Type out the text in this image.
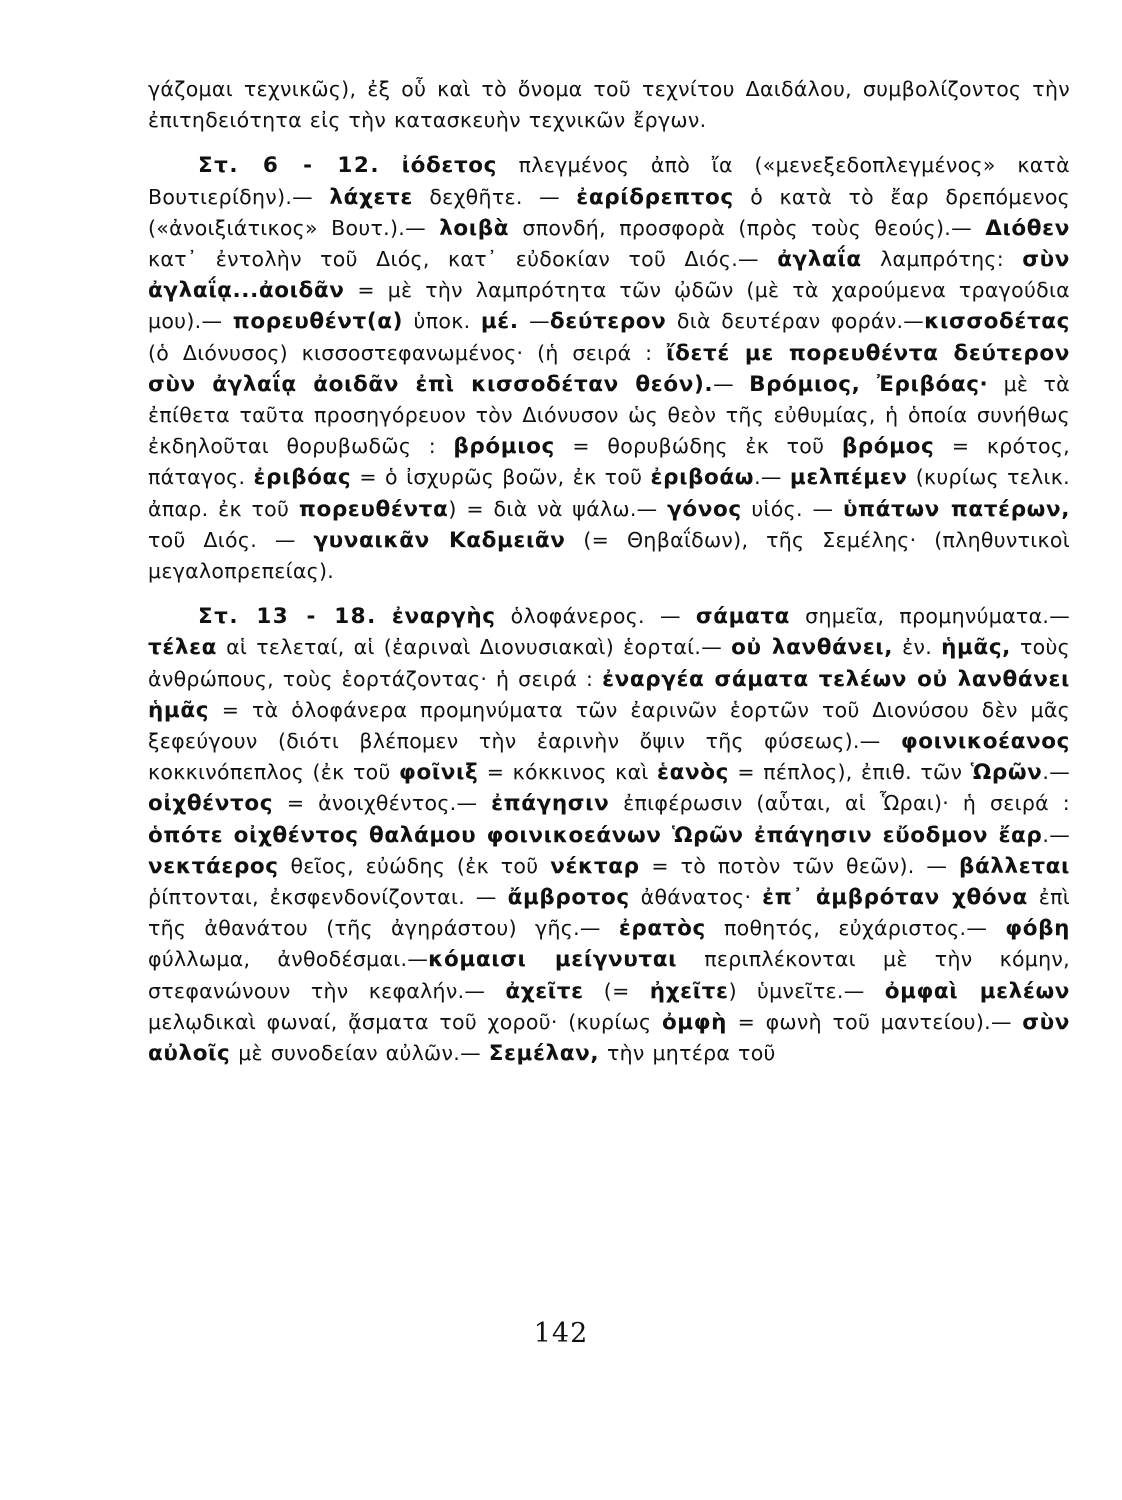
γάζομαι τεχνικῶς), ἐξ οὗ καὶ τὸ ὄνομα τοῦ τεχνίτου Δαιδάλου, συμβολίζοντος τὴν ἐπιτηδειότητα εἰς τὴν κατασκευὴν τεχνικῶν ἔργων.

Στ. 6 - 12. ἰόδετος πλεγμένος ἀπὸ ἴα («μενεξεδοπλεγμένος» κατὰ Βουτιερίδην).— λάχετε δεχθῆτε. — ἐαρίδρεπτος ὁ κατὰ τὸ ἔαρ δρεπόμενος («ἀνοιξιάτικος» Βουτ.).— λοιβὰ σπονδή, προσφορὰ (πρὸς τοὺς θεούς).— Διόθεν κατ᾽ ἐντολὴν τοῦ Διός, κατ᾽ εὐδοκίαν τοῦ Διός.— ἀγλαΐα λαμπρότης: σὺν ἀγλαΐᾳ...ἀοιδᾶν = μὲ τὴν λαμπρότητα τῶν ᾠδῶν (μὲ τὰ χαρούμενα τραγούδια μου).— πορευθέντ(α) ὑποκ. μέ. —δεύτερον διὰ δευτέραν φοράν.—κισσοδέτας (ὁ Διόνυσος) κισσοστεφανωμένος· (ἡ σειρά : ἴδετέ με πορευθέντα δεύτερον σὺν ἀγλαΐᾳ ἀοιδᾶν ἐπὶ κισσοδέταν θεόν).— Βρόμιος, Ἐριβόας· μὲ τὰ ἐπίθετα ταῦτα προσηγόρευον τὸν Διόνυσον ὡς θεὸν τῆς εὐθυμίας, ἡ ὁποία συνήθως ἐκδηλοῦται θορυβωδῶς : βρόμιος = θορυβώδης ἐκ τοῦ βρόμος = κρότος, πάταγος. ἐριβόας = ὁ ἰσχυρῶς βοῶν, ἐκ τοῦ ἐριβοάω.— μελπέμεν (κυρίως τελικ. ἀπαρ. ἐκ τοῦ πορευθέντα) = διὰ νὰ ψάλω.— γόνος υἱός. — ὑπάτων πατέρων, τοῦ Διός. — γυναικᾶν Καδμειᾶν (= Θηβαΐδων), τῆς Σεμέλης· (πληθυντικοὶ μεγαλοπρεπείας).

Στ. 13 - 18. ἐναργὴς ὁλοφάνερος. — σάματα σημεῖα, προμηνύματα.— τέλεα αἱ τελεταί, αἱ (ἐαριναὶ Διονυσιακαὶ) ἑορταί.— οὐ λανθάνει, ἐν. ἡμᾶς, τοὺς ἀνθρώπους, τοὺς ἑορτάζοντας· ἡ σειρά : ἐναργέα σάματα τελέων οὐ λανθάνει ἡμᾶς = τὰ ὁλοφάνερα προμηνύματα τῶν ἐαρινῶν ἑορτῶν τοῦ Διονύσου δὲν μᾶς ξεφεύγουν (διότι βλέπομεν τὴν ἐαρινὴν ὄψιν τῆς φύσεως).— φοινικοέανος κοκκινόπεπλος (ἐκ τοῦ φοῖνιξ = κόκκινος καὶ ἑανὸς = πέπλος), ἐπιθ. τῶν Ὡρῶν.— οἰχθέντος = ἀνοιχθέντος.— ἐπάγησιν ἐπιφέρωσιν (αὗται, αἱ Ὧραι)· ἡ σειρά : ὁπότε οἰχθέντος θαλάμου φοινικοεάνων Ὡρῶν ἐπάγησιν εὔοδμον ἔαρ.— νεκτάερος θεῖος, εὐώδης (ἐκ τοῦ νέκταρ = τὸ ποτὸν τῶν θεῶν). — βάλλεται ῥίπτονται, ἐκσφενδονίζονται. — ἄμβροτος ἀθάνατος· ἐπ᾽ ἀμβρόταν χθόνα ἐπὶ τῆς ἀθανάτου (τῆς ἀγηράστου) γῆς.— ἐρατὸς ποθητός, εὐχάριστος.— φόβη φύλλωμα, ἀνθοδέσμαι.—κόμαισι μείγνυται περιπλέκονται μὲ τὴν κόμην, στεφανώνουν τὴν κεφαλήν.— ἀχεῖτε (= ἠχεῖτε) ὑμνεῖτε.— ὀμφαὶ μελέων μελῳδικαὶ φωναί, ᾄσματα τοῦ χοροῦ· (κυρίως ὀμφὴ = φωνὴ τοῦ μαντείου).— σὺν αὐλοῖς μὲ συνοδείαν αὐλῶν.— Σεμέλαν, τὴν μητέρα τοῦ

142
